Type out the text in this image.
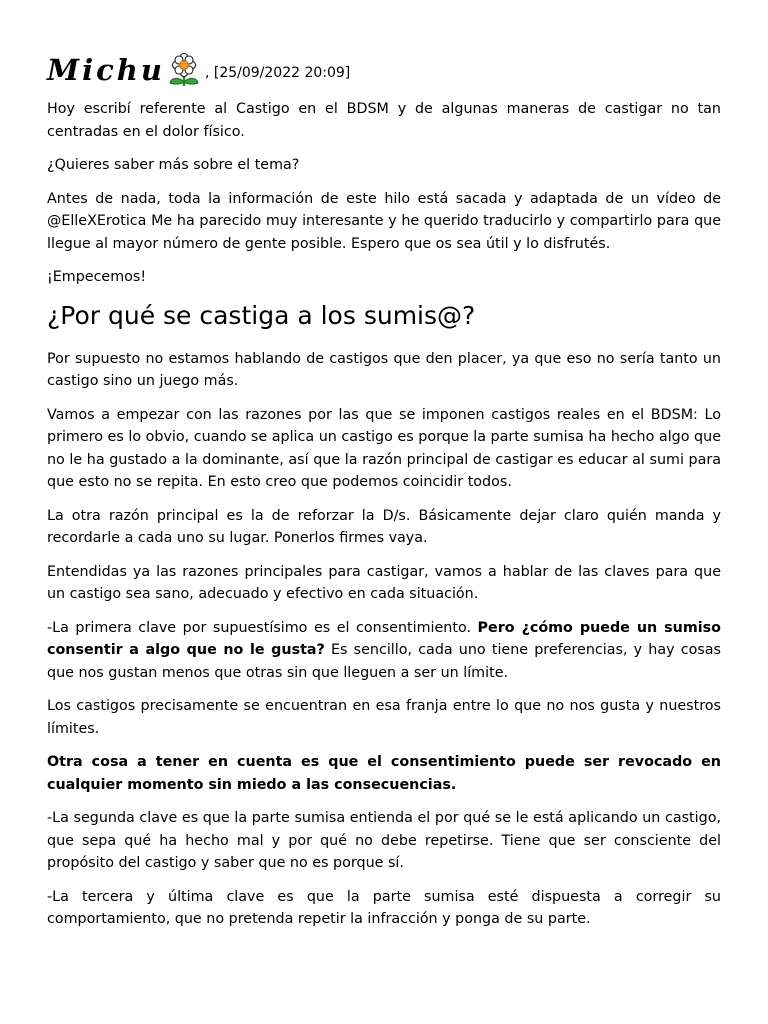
Michu	, [25/09/2022 20:09]

Hoy escribí referente al Castigo en el BDSM y de algunas maneras de castigar no tan centradas en el dolor físico.

¿Quieres saber más sobre el tema?

Antes de nada, toda la información de este hilo está sacada y adaptada de un vídeo de @ElleXErotica Me ha parecido muy interesante y he querido traducirlo y compartirlo para que llegue al mayor número de gente posible. Espero que os sea útil y lo disfrutés.

¡Empecemos!

¿Por qué se castiga a los sumis@?

Por supuesto no estamos hablando de castigos que den placer, ya que eso no sería tanto un castigo sino un juego más.

Vamos a empezar con las razones por las que se imponen castigos reales en el BDSM: Lo primero es lo obvio, cuando se aplica un castigo es porque la parte sumisa ha hecho algo que no le ha gustado a la dominante, así que la razón principal de castigar es educar al sumi para que esto no se repita. En esto creo que podemos coincidir todos.

La otra razón principal es la de reforzar la D/s. Básicamente dejar claro quién manda y recordarle a cada uno su lugar. Ponerlos firmes vaya.

Entendidas ya las razones principales para castigar, vamos a hablar de las claves para que un castigo sea sano, adecuado y efectivo en cada situación.

-La primera clave por supuestísimo es el consentimiento. Pero ¿cómo puede un sumiso consentir a algo que no le gusta? Es sencillo, cada uno tiene preferencias, y hay cosas que nos gustan menos que otras sin que lleguen a ser un límite.

Los castigos precisamente se encuentran en esa franja entre lo que no nos gusta y nuestros límites.

Otra cosa a tener en cuenta es que el consentimiento puede ser revocado en cualquier momento sin miedo a las consecuencias.

-La segunda clave es que la parte sumisa entienda el por qué se le está aplicando un castigo, que sepa qué ha hecho mal y por qué no debe repetirse. Tiene que ser consciente del propósito del castigo y saber que no es porque sí.

-La tercera y última clave es que la parte sumisa esté dispuesta a corregir su comportamiento, que no pretenda repetir la infracción y ponga de su parte.
